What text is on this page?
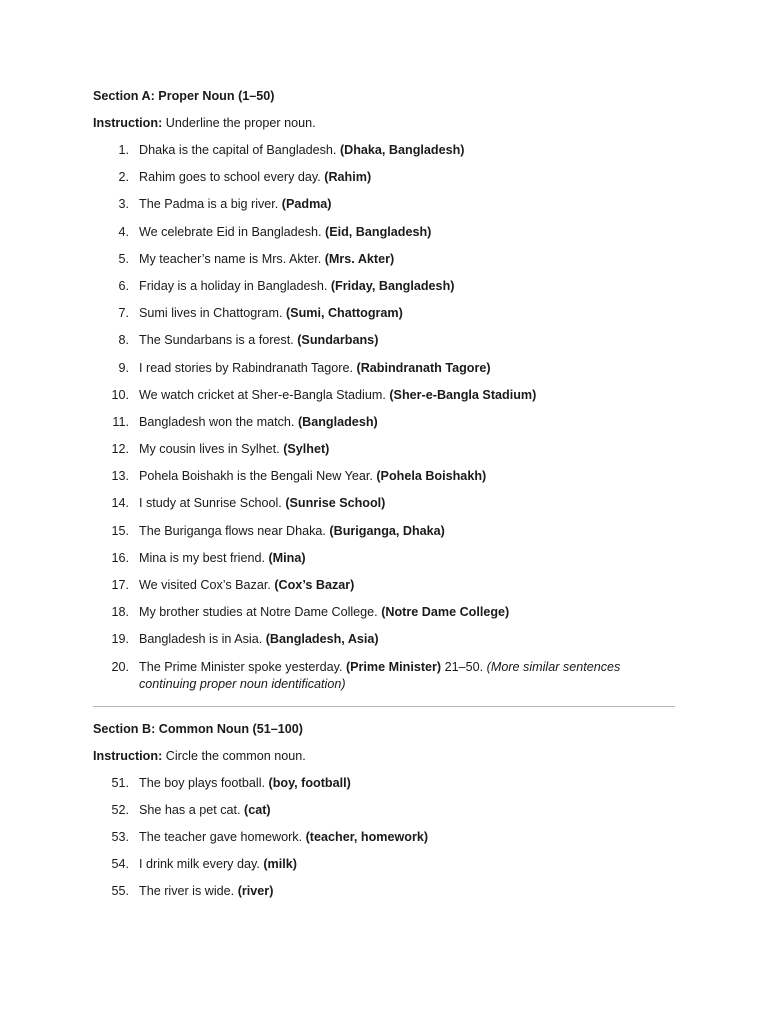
Section A: Proper Noun (1–50)

Instruction: Underline the proper noun.

1. Dhaka is the capital of Bangladesh. (Dhaka, Bangladesh)
2. Rahim goes to school every day. (Rahim)
3. The Padma is a big river. (Padma)
4. We celebrate Eid in Bangladesh. (Eid, Bangladesh)
5. My teacher’s name is Mrs. Akter. (Mrs. Akter)
6. Friday is a holiday in Bangladesh. (Friday, Bangladesh)
7. Sumi lives in Chattogram. (Sumi, Chattogram)
8. The Sundarbans is a forest. (Sundarbans)
9. I read stories by Rabindranath Tagore. (Rabindranath Tagore)
10. We watch cricket at Sher-e-Bangla Stadium. (Sher-e-Bangla Stadium)
11. Bangladesh won the match. (Bangladesh)
12. My cousin lives in Sylhet. (Sylhet)
13. Pohela Boishakh is the Bengali New Year. (Pohela Boishakh)
14. I study at Sunrise School. (Sunrise School)
15. The Buriganga flows near Dhaka. (Buriganga, Dhaka)
16. Mina is my best friend. (Mina)
17. We visited Cox’s Bazar. (Cox’s Bazar)
18. My brother studies at Notre Dame College. (Notre Dame College)
19. Bangladesh is in Asia. (Bangladesh, Asia)
20. The Prime Minister spoke yesterday. (Prime Minister) 21–50. (More similar sentences continuing proper noun identification)

Section B: Common Noun (51–100)

Instruction: Circle the common noun.

51. The boy plays football. (boy, football)
52. She has a pet cat. (cat)
53. The teacher gave homework. (teacher, homework)
54. I drink milk every day. (milk)
55. The river is wide. (river)
